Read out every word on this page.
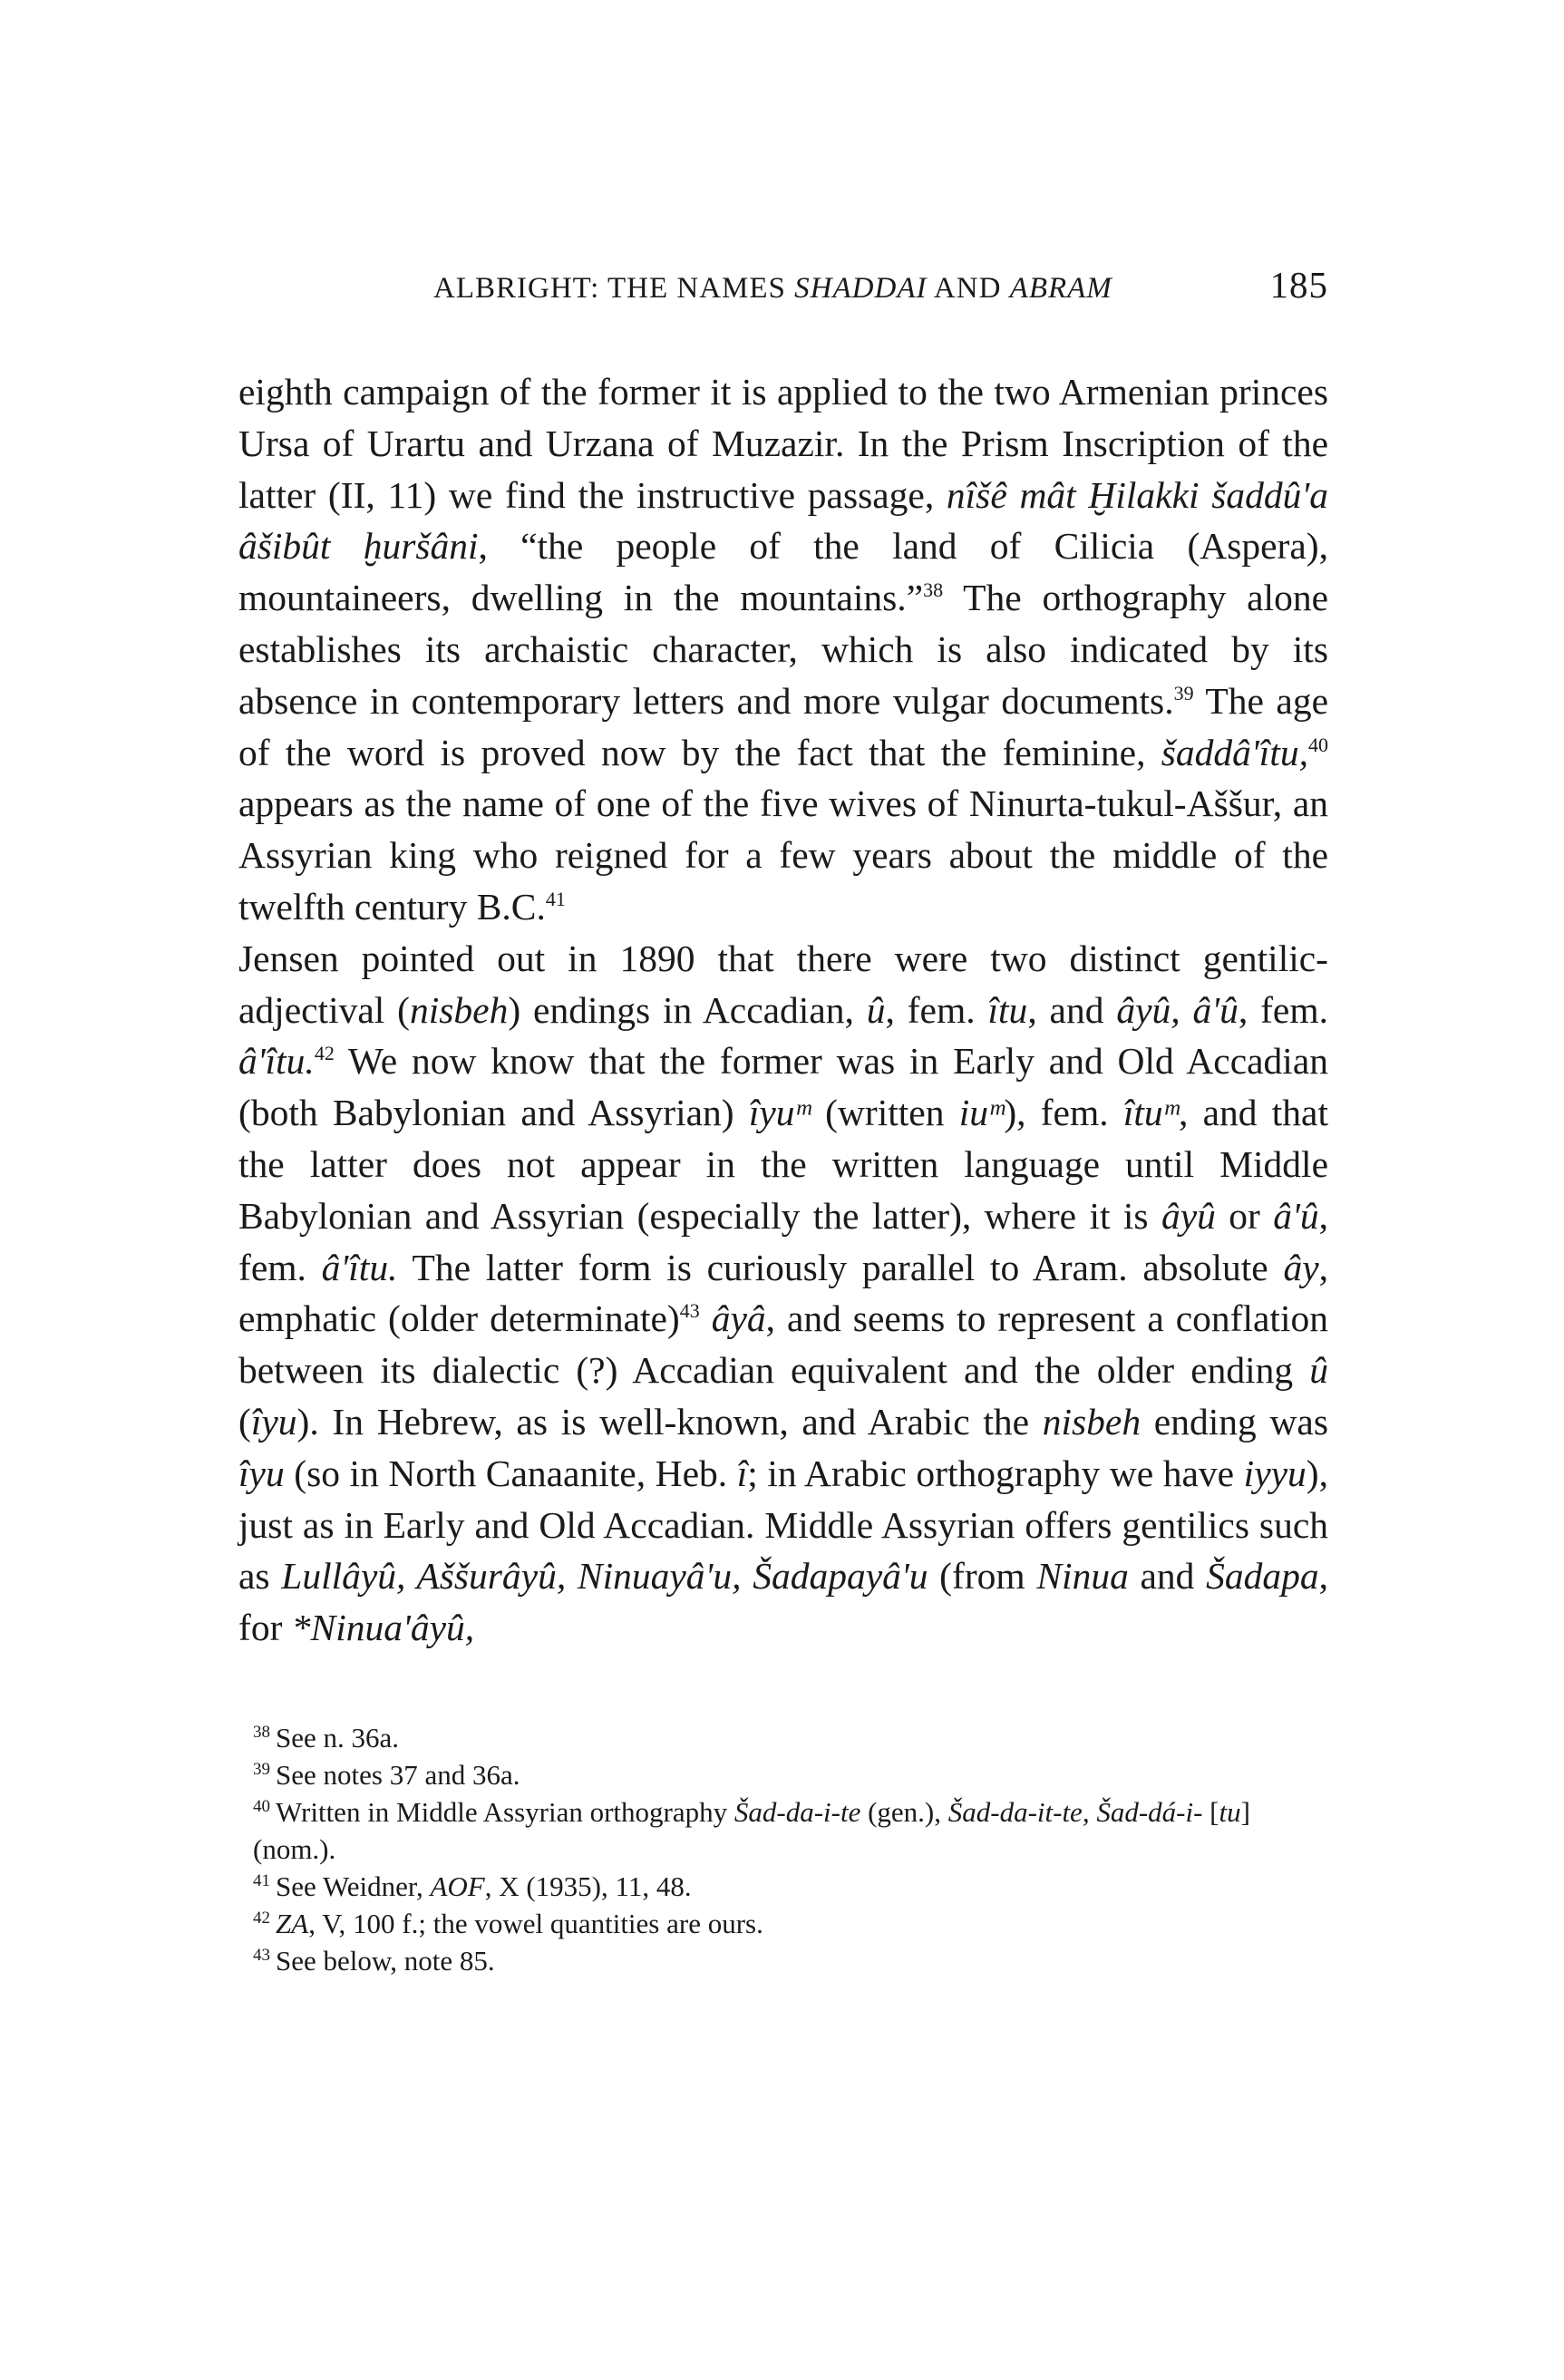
ALBRIGHT: THE NAMES SHADDAI AND ABRAM	185

eighth campaign of the former it is applied to the two Armenian princes Ursa of Urartu and Urzana of Muzazir. In the Prism Inscription of the latter (II, 11) we find the instructive passage, nîšê mât Ḫilakki šaddû'a âšibût ḫuršâni, “the people of the land of Cilicia (Aspera), mountaineers, dwelling in the mountains.”$^{38}$ The orthography alone establishes its archaistic character, which is also indicated by its absence in contemporary letters and more vulgar documents.$^{39}$ The age of the word is proved now by the fact that the feminine, šaddâ'îtu,$^{40}$ appears as the name of one of the five wives of Ninurta-tukul-Aššur, an Assyrian king who reigned for a few years about the middle of the twelfth century B.C.$^{41}$

Jensen pointed out in 1890 that there were two distinct gentilic-adjectival (nisbeh) endings in Accadian, û, fem. îtu, and âyû, â'û, fem. â'îtu.$^{42}$ We now know that the former was in Early and Old Accadian (both Babylonian and Assyrian) îyuᵐ (written iuᵐ), fem. îtuᵐ, and that the latter does not appear in the written language until Middle Babylonian and Assyrian (especially the latter), where it is âyû or â'û, fem. â'îtu. The latter form is curiously parallel to Aram. absolute ây, emphatic (older determinate)$^{43}$ âyâ, and seems to represent a conflation between its dialectic (?) Accadian equivalent and the older ending û (îyu). In Hebrew, as is well-known, and Arabic the nisbeh ending was îyu (so in North Canaanite, Heb. î; in Arabic orthography we have iyyu), just as in Early and Old Accadian. Middle Assyrian offers gentilics such as Lullâyû, Aššurâyû, Ninuayâ'u, Šadapayâ'u (from Ninua and Šadapa, for *Ninua'âyû,

$^{38}$ See n. 36a.

$^{39}$ See notes 37 and 36a.

$^{40}$ Written in Middle Assyrian orthography Šad-da-i-te (gen.), Šad-da-it-te, Šad-dá-i- [tu] (nom.).

$^{41}$ See Weidner, AOF, X (1935), 11, 48.

$^{42}$ ZA, V, 100 f.; the vowel quantities are ours.

$^{43}$ See below, note 85.
